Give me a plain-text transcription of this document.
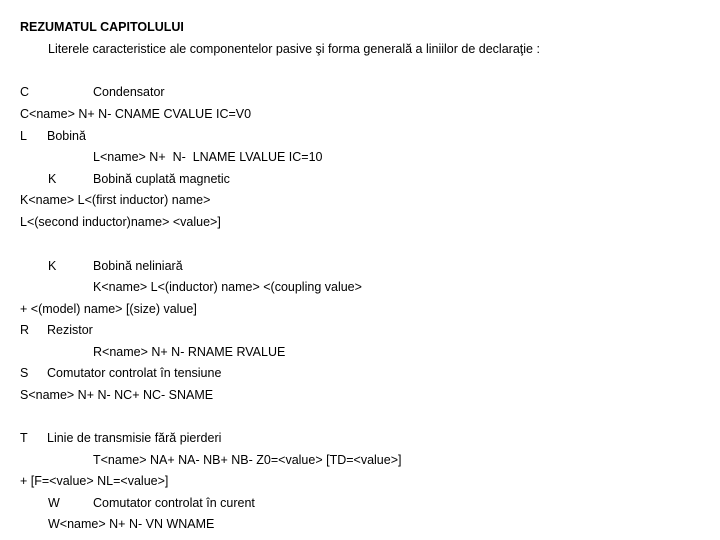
REZUMATUL CAPITOLULUI
Literele caracteristice ale componentelor pasive şi forma generală a liniilor de declaraţie :
C	Condensator
C<name> N+ N- CNAME CVALUE IC=V0
L Bobină
L<name> N+  N-  LNAME LVALUE IC=10
K	Bobină cuplată magnetic
K<name> L<(first inductor) name>
L<(second inductor)name> <value>]
K	Bobină neliniară
K<name> L<(inductor) name> <(coupling value>
+ <(model) name> [(size) value]
R Rezistor
R<name> N+ N- RNAME RVALUE
S Comutator controlat în tensiune
S<name> N+ N- NC+ NC- SNAME
T Linie de transmisie fără pierderi
T<name> NA+ NA- NB+ NB- Z0=<value> [TD=<value>]
+ [F=<value> NL=<value>]
W	Comutator controlat în curent
W<name> N+ N- VN WNAME
